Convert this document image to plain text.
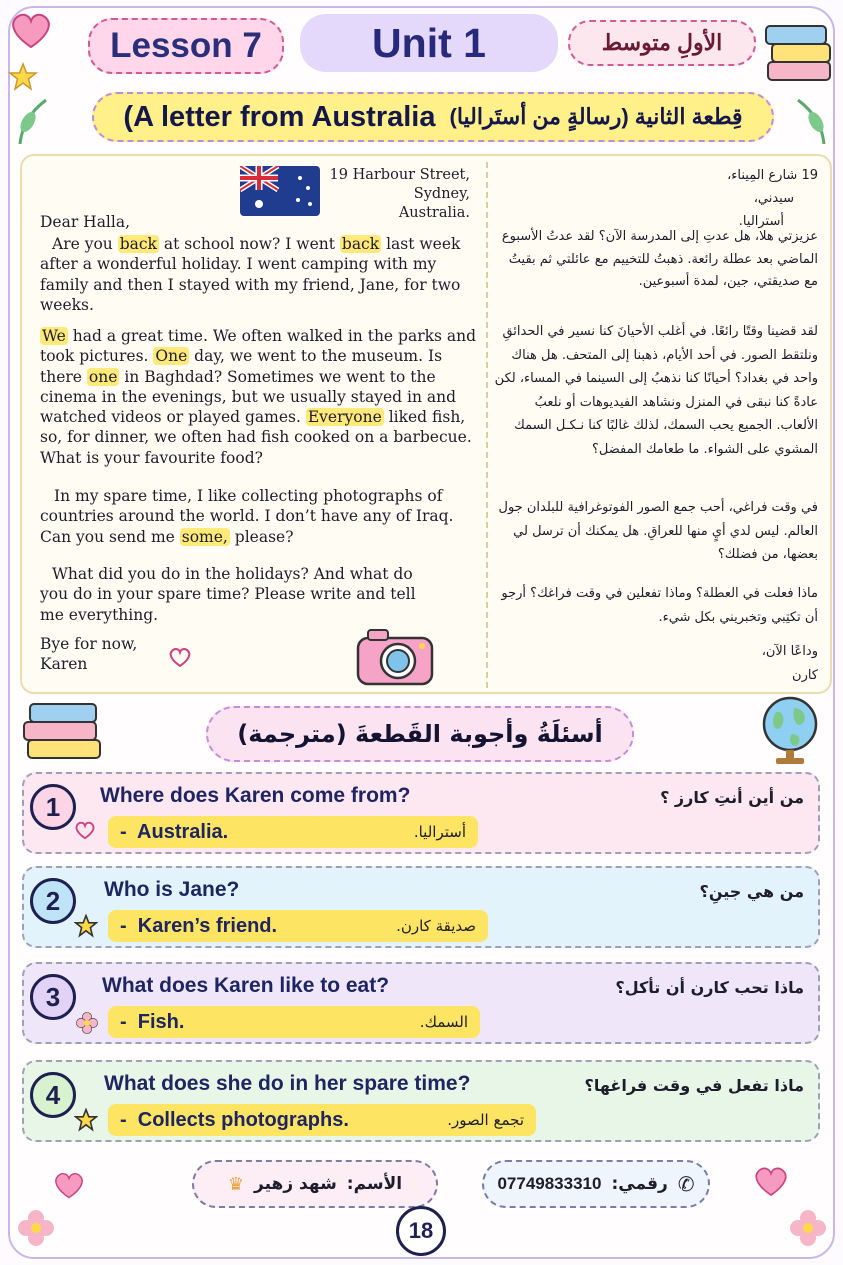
Lesson 7	Unit 1	الأولِ متوسط
(A letter from Australia قِطعة الثانية (رسالةٍ من أستَراليا)
19 Harbour Street,
Sydney,
Australia.
Dear Halla,
Are you back at school now? I went back last week after a wonderful holiday. I went camping with my family and then I stayed with my friend, Jane, for two weeks.
We had a great time. We often walked in the parks and took pictures. One day, we went to the museum. Is there one in Baghdad? Sometimes we went to the cinema in the evenings, but we usually stayed in and watched videos or played games. Everyone liked fish, so, for dinner, we often had fish cooked on a barbecue. What is your favourite food?
In my spare time, I like collecting photographs of countries around the world. I don’t have any of Iraq. Can you send me some, please?
What did you do in the holidays? And what do you do in your spare time? Please write and tell me everything.
Bye for now,
Karen
19 شارع المِيناء،
سيدني،
أستراليا.
عزيزتي هلا، هل عدتِ إلى المدرسة الآن؟ لقد عدتُ الأسبوع الماضي بعد عطلة رائعة. ذهبتُ للتخييم مع عائلتي ثم بقيتُ مع صديقتي، جين، لمدة أسبوعين.
لقد قضينا وقتًا رائعًا. في أغلب الأحيانَ كنا نسير في الحدائقِ ونلتقط الصور. في أحد الأيام، ذهبنا إلى المتحف. هل هناك واحد في بغداد؟ أحيانًا كنا نذهبُ إلى السينما في المساء، لكن عادةً كنا نبقى في المنزل ونشاهد الفيديوهات أو نلعبُ الألعاب. الجميع يحب السمك، لذلك غالبًا كنا نـكـل السمك المشوي على الشواء. ما طعامك المفضل؟
في وقت فراغي، أحب جمع الصور الفوتوغرافية للبلدان جول العالم. ليس لدي أيٍ منها للعراقِ. هل يمكنك أن ترسل لي بعضها، من فضلك؟
ماذا فعلت في العطلة؟ وماذا تفعلين في وقت فراغك؟ أرجو أن تكتِبي وتخبريني بكل شيء.
وداعًا الآن،
كارن
أسئلَةُ وأجوبة القَطعةَ (مترجمة)
1	Where does Karen come from?	من أين أنتِ كارز ؟
-  Australia.	أستراليا.
2	Who is Jane?	من هي جينِ؟
-  Karen’s friend.	صديقة كارن.
3	What does Karen like to eat?	ماذا تحب كارن أن تأكل؟
-  Fish.	السمك.
4	What does she do in her spare time?	ماذا تفعل في وقت فراغها؟
-  Collects photographs.	تجمع الصور.
الأسم:
شهد زهير
♛	✆
رقمي:
07749833310
18
